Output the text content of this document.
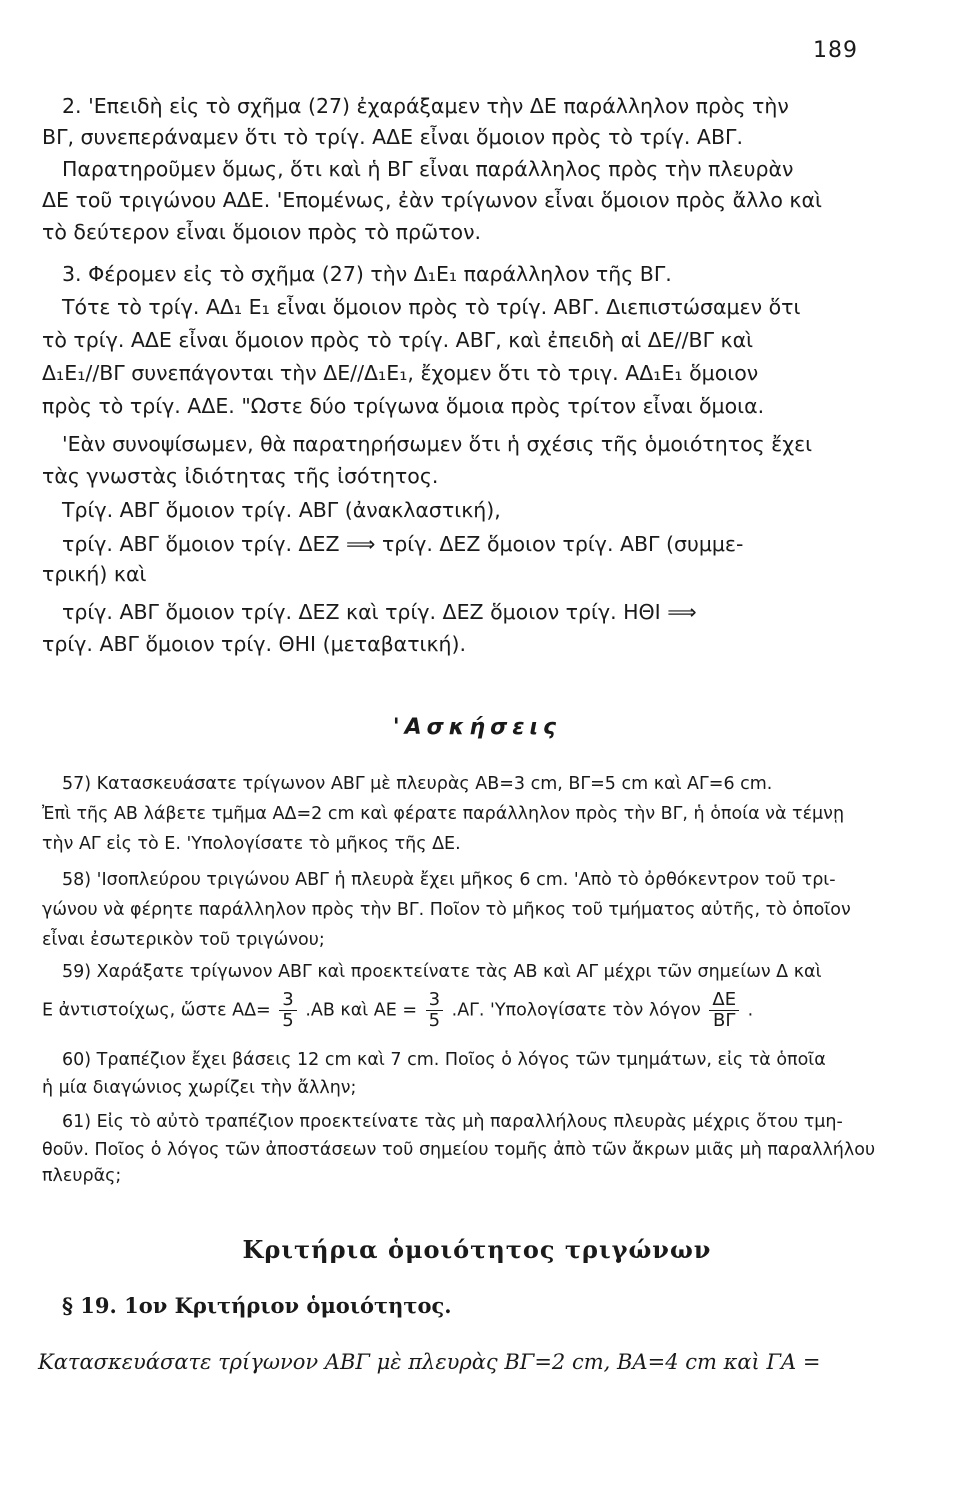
189
2. 'Επειδὴ εἰς τὸ σχῆμα (27) ἐχαράξαμεν τὴν ΔΕ παράλληλον πρὸς τὴν
ΒΓ, συνεπεράναμεν ὅτι τὸ τρίγ. ΑΔΕ εἶναι ὅμοιον πρὸς τὸ τρίγ. ΑΒΓ.
Παρατηροῦμεν ὅμως, ὅτι καὶ ἡ ΒΓ εἶναι παράλληλος πρὸς τὴν πλευρὰν
ΔΕ τοῦ τριγώνου ΑΔΕ. 'Επομένως, ἐὰν τρίγωνον εἶναι ὅμοιον πρὸς ἄλλο καὶ
τὸ δεύτερον εἶναι ὅμοιον πρὸς τὸ πρῶτον.
3. Φέρομεν εἰς τὸ σχῆμα (27) τὴν Δ₁Ε₁ παράλληλον τῆς ΒΓ.
Τότε τὸ τρίγ. ΑΔ₁ Ε₁ εἶναι ὅμοιον πρὸς τὸ τρίγ. ΑΒΓ. Διεπιστώσαμεν ὅτι
τὸ τρίγ. ΑΔΕ εἶναι ὅμοιον πρὸς τὸ τρίγ. ΑΒΓ, καὶ ἐπειδὴ αἱ ΔΕ//ΒΓ καὶ
Δ₁Ε₁//ΒΓ συνεπάγονται τὴν ΔΕ//Δ₁Ε₁, ἔχομεν ὅτι τὸ τριγ. ΑΔ₁Ε₁ ὅμοιον
πρὸς τὸ τρίγ. ΑΔΕ. "Ωστε δύο τρίγωνα ὅμοια πρὸς τρίτον εἶναι ὅμοια.
'Εὰν συνοψίσωμεν, θὰ παρατηρήσωμεν ὅτι ἡ σχέσις τῆς ὁμοιότητος ἔχει
τὰς γνωστὰς ἰδιότητας τῆς ἰσότητος.
Τρίγ. ΑΒΓ ὅμοιον τρίγ. ΑΒΓ (ἀνακλαστική),
τρίγ. ΑΒΓ ὅμοιον τρίγ. ΔΕΖ ⟹ τρίγ. ΔΕΖ ὅμοιον τρίγ. ΑΒΓ (συμμε-
τρική) καὶ
τρίγ. ΑΒΓ ὅμοιον τρίγ. ΔΕΖ καὶ τρίγ. ΔΕΖ ὅμοιον τρίγ. ΗΘΙ ⟹
τρίγ. ΑΒΓ ὅμοιον τρίγ. ΘΗΙ (μεταβατική).
'Ασκήσεις
57) Κατασκευάσατε τρίγωνον ΑΒΓ μὲ πλευρὰς ΑΒ=3 cm, ΒΓ=5 cm καὶ ΑΓ=6 cm.
Ἐπὶ τῆς ΑΒ λάβετε τμῆμα ΑΔ=2 cm καὶ φέρατε παράλληλον πρὸς τὴν ΒΓ, ἡ ὁποία νὰ τέμνῃ
τὴν ΑΓ εἰς τὸ Ε. 'Υπολογίσατε τὸ μῆκος τῆς ΔΕ.
58) 'Ισοπλεύρου τριγώνου ΑΒΓ ἡ πλευρὰ ἔχει μῆκος 6 cm. 'Απὸ τὸ ὀρθόκεντρον τοῦ τρι-
γώνου νὰ φέρητε παράλληλον πρὸς τὴν ΒΓ. Ποῖον τὸ μῆκος τοῦ τμήματος αὐτῆς, τὸ ὁποῖον
εἶναι ἐσωτερικὸν τοῦ τριγώνου;
59) Χαράξατε τρίγωνον ΑΒΓ καὶ προεκτείνατε τὰς ΑΒ καὶ ΑΓ μέχρι τῶν σημείων Δ καὶ
Ε ἀντιστοίχως, ὥστε $A\Delta= \frac{3}{5} .AB$ καὶ $AE = \frac{3}{5} .A\Gamma$. 'Υπολογίσατε τὸν λόγον $\frac{\Delta E}{B\Gamma}$ .
60) Τραπέζιον ἔχει βάσεις 12 cm καὶ 7 cm. Ποῖος ὁ λόγος τῶν τμημάτων, εἰς τὰ ὁποῖα
ἡ μία διαγώνιος χωρίζει τὴν ἄλλην;
61) Εἰς τὸ αὐτὸ τραπέζιον προεκτείνατε τὰς μὴ παραλλήλους πλευρὰς μέχρις ὅτου τμη-
θοῦν. Ποῖος ὁ λόγος τῶν ἀποστάσεων τοῦ σημείου τομῆς ἀπὸ τῶν ἄκρων μιᾶς μὴ παραλλήλου
πλευρᾶς;
Κριτήρια ὁμοιότητος τριγώνων
§ 19. 1ον Κριτήριον ὁμοιότητος.
Κατασκευάσατε τρίγωνον ΑΒΓ μὲ πλευρὰς ΒΓ=2 cm, ΒΑ=4 cm καὶ ΓΑ =
